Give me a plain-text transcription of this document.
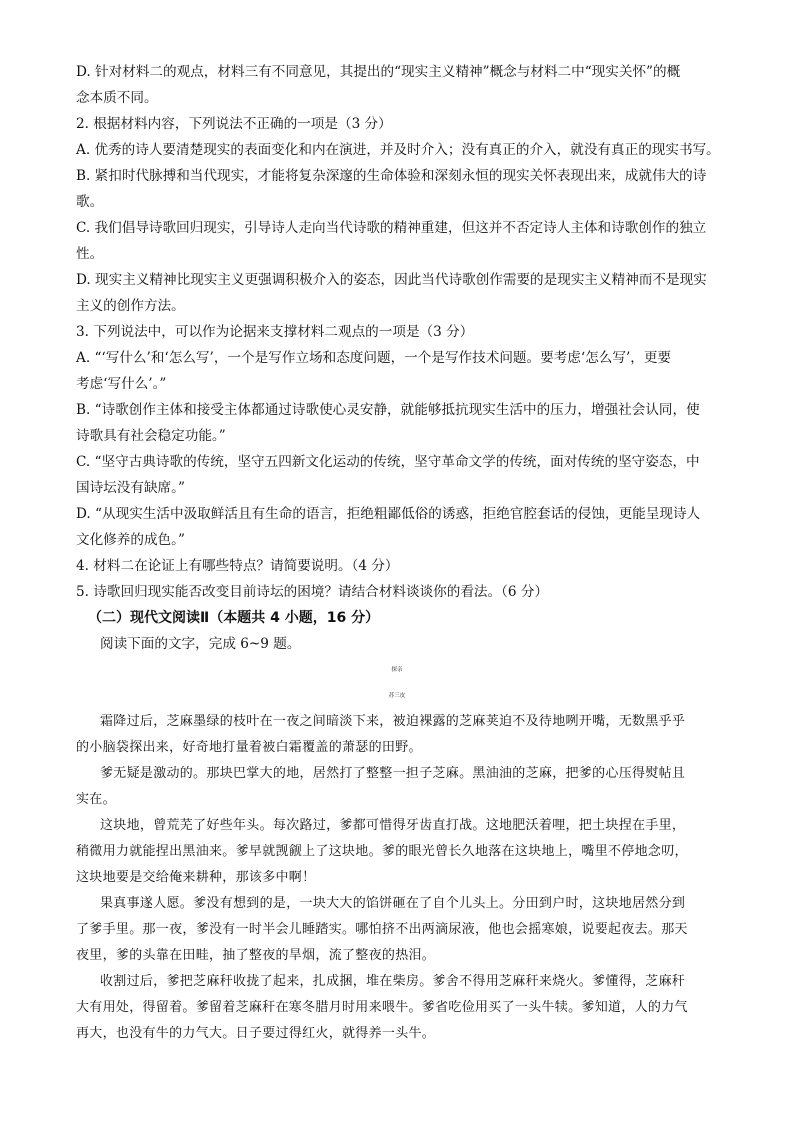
D. 针对材料二的观点，材料三有不同意见，其提出的“现实主义精神”概念与材料二中“现实关怀”的概
念本质不同。
2. 根据材料内容，下列说法不正确的一项是（3 分）
A. 优秀的诗人要清楚现实的表面变化和内在演进，并及时介入；没有真正的介入，就没有真正的现实书写。
B. 紧扣时代脉搏和当代现实，才能将复杂深邃的生命体验和深刻永恒的现实关怀表现出来，成就伟大的诗
歌。
C. 我们倡导诗歌回归现实，引导诗人走向当代诗歌的精神重建，但这并不否定诗人主体和诗歌创作的独立
性。
D. 现实主义精神比现实主义更强调积极介入的姿态，因此当代诗歌创作需要的是现实主义精神而不是现实
主义的创作方法。
3. 下列说法中，可以作为论据来支撑材料二观点的一项是（3 分）
A. “‘写什么’和‘怎么写’，一个是写作立场和态度问题，一个是写作技术问题。要考虑‘怎么写’，更要
考虑‘写什么’。”
B. “诗歌创作主体和接受主体都通过诗歌使心灵安静，就能够抵抗现实生活中的压力，增强社会认同，使
诗歌具有社会稳定功能。”
C. “坚守古典诗歌的传统，坚守五四新文化运动的传统，坚守革命文学的传统，面对传统的坚守姿态，中
国诗坛没有缺席。”
D. “从现实生活中汲取鲜活且有生命的语言，拒绝粗鄙低俗的诱惑，拒绝官腔套话的侵蚀，更能呈现诗人
文化修养的成色。”
4. 材料二在论证上有哪些特点？请简要说明。（4 分）
5. 诗歌回归现实能否改变目前诗坛的困境？请结合材料谈谈你的看法。（6 分）
（二）现代文阅读Ⅱ（本题共 4 小题，16 分）
阅读下面的文字，完成 6~9 题。
探亲
苏三皮
霜降过后，芝麻墨绿的枝叶在一夜之间暗淡下来，被迫裸露的芝麻荚迫不及待地咧开嘴，无数黑乎乎
的小脑袋探出来，好奇地打量着被白霜覆盖的萧瑟的田野。
爹无疑是激动的。那块巴掌大的地，居然打了整整一担子芝麻。黑油油的芝麻，把爹的心压得熨帖且
实在。
这块地，曾荒芜了好些年头。每次路过，爹都可惜得牙齿直打战。这地肥沃着哩，把土块捏在手里，
稍微用力就能捏出黑油来。爹早就觊觎上了这块地。爹的眼光曾长久地落在这块地上，嘴里不停地念叨，
这块地要是交给俺来耕种，那该多中啊！
果真事遂人愿。爹没有想到的是，一块大大的馅饼砸在了自个儿头上。分田到户时，这块地居然分到
了爹手里。那一夜，爹没有一时半会儿睡踏实。哪怕挤不出两滴尿液，他也会摇寒娘，说要起夜去。那天
夜里，爹的头靠在田畦，抽了整夜的旱烟，流了整夜的热泪。
收割过后，爹把芝麻秆收拢了起来，扎成捆，堆在柴房。爹舍不得用芝麻秆来烧火。爹懂得，芝麻秆
大有用处，得留着。爹留着芝麻秆在寒冬腊月时用来喂牛。爹省吃俭用买了一头牛犊。爹知道，人的力气
再大，也没有牛的力气大。日子要过得红火，就得养一头牛。
